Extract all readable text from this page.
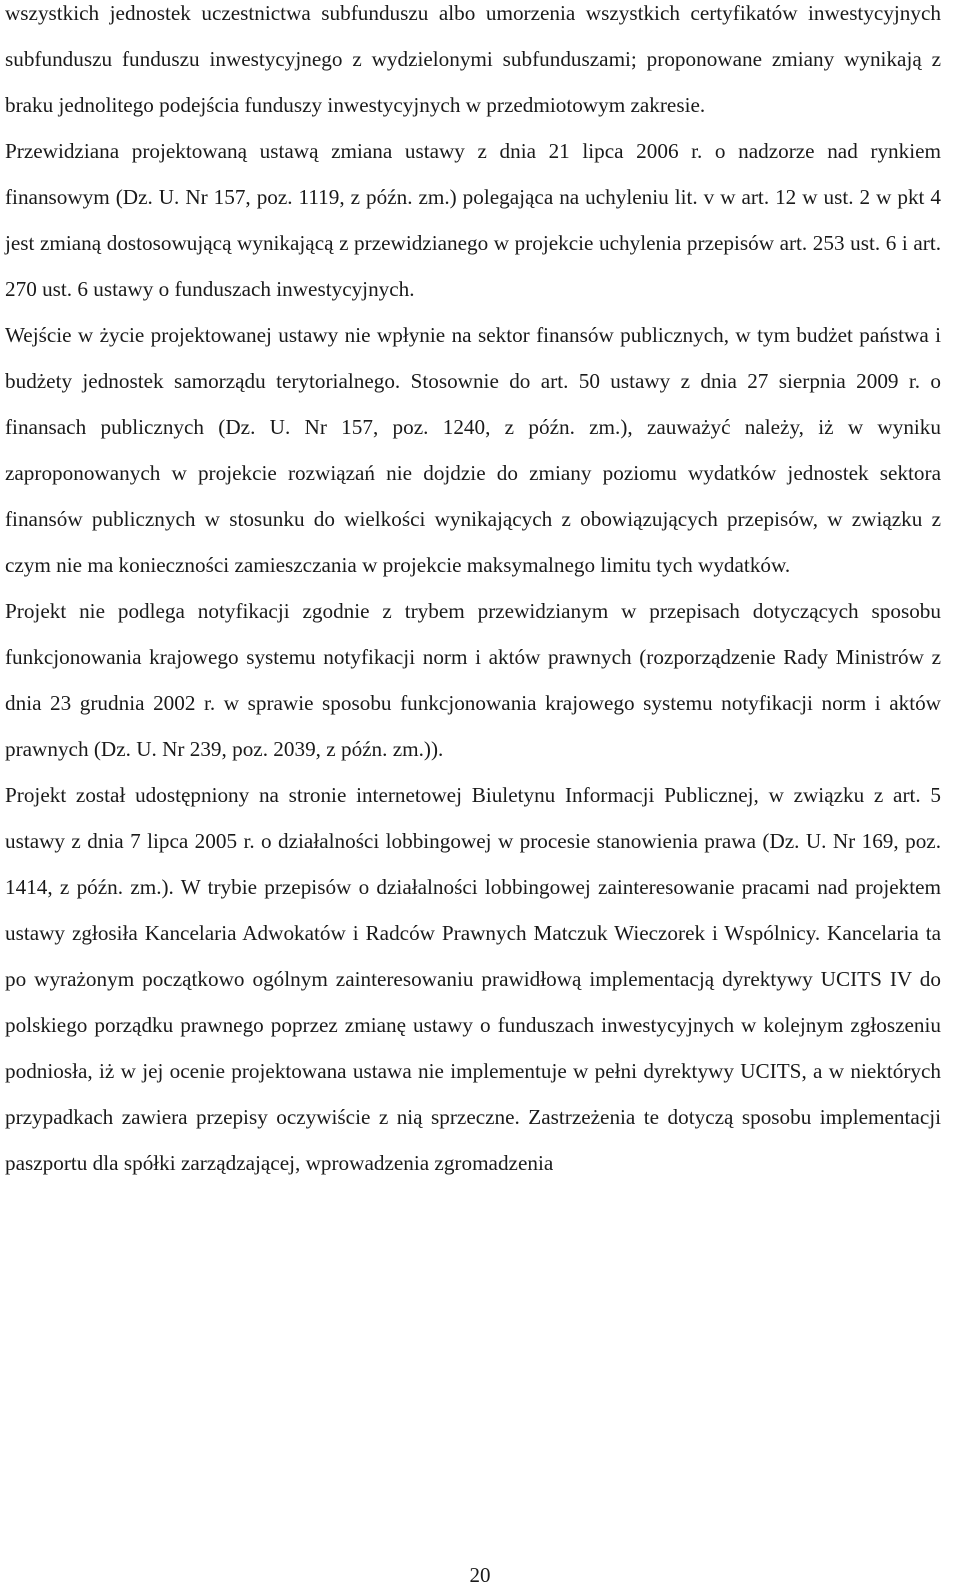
wszystkich jednostek uczestnictwa subfunduszu albo umorzenia wszystkich certyfikatów inwestycyjnych subfunduszu funduszu inwestycyjnego z wydzielonymi subfunduszami; proponowane zmiany wynikają z braku jednolitego podejścia funduszy inwestycyjnych w przedmiotowym zakresie.

Przewidziana projektowaną ustawą zmiana ustawy z dnia 21 lipca 2006 r. o nadzorze nad rynkiem finansowym (Dz. U. Nr 157, poz. 1119, z późn. zm.) polegająca na uchyleniu lit. v w art. 12 w ust. 2 w pkt 4 jest zmianą dostosowującą wynikającą z przewidzianego w projekcie uchylenia przepisów art. 253 ust. 6 i art. 270 ust. 6 ustawy o funduszach inwestycyjnych.

Wejście w życie projektowanej ustawy nie wpłynie na sektor finansów publicznych, w tym budżet państwa i budżety jednostek samorządu terytorialnego. Stosownie do art. 50 ustawy z dnia 27 sierpnia 2009 r. o finansach publicznych (Dz. U. Nr 157, poz. 1240, z późn. zm.), zauważyć należy, iż w wyniku zaproponowanych w projekcie rozwiązań nie dojdzie do zmiany poziomu wydatków jednostek sektora finansów publicznych w stosunku do wielkości wynikających z obowiązujących przepisów, w związku z czym nie ma konieczności zamieszczania w projekcie maksymalnego limitu tych wydatków.

Projekt nie podlega notyfikacji zgodnie z trybem przewidzianym w przepisach dotyczących sposobu funkcjonowania krajowego systemu notyfikacji norm i aktów prawnych (rozporządzenie Rady Ministrów z dnia 23 grudnia 2002 r. w sprawie sposobu funkcjonowania krajowego systemu notyfikacji norm i aktów prawnych (Dz. U. Nr 239, poz. 2039, z późn. zm.)).

Projekt został udostępniony na stronie internetowej Biuletynu Informacji Publicznej, w związku z art. 5 ustawy z dnia 7 lipca 2005 r. o działalności lobbingowej w procesie stanowienia prawa (Dz. U. Nr 169, poz. 1414, z późn. zm.). W trybie przepisów o działalności lobbingowej zainteresowanie pracami nad projektem ustawy zgłosiła Kancelaria Adwokatów i Radców Prawnych Matczuk Wieczorek i Wspólnicy. Kancelaria ta po wyrażonym początkowo ogólnym zainteresowaniu prawidłową implementacją dyrektywy UCITS IV do polskiego porządku prawnego poprzez zmianę ustawy o funduszach inwestycyjnych w kolejnym zgłoszeniu podniosła, iż w jej ocenie projektowana ustawa nie implementuje w pełni dyrektywy UCITS, a w niektórych przypadkach zawiera przepisy oczywiście z nią sprzeczne. Zastrzeżenia te dotyczą sposobu implementacji paszportu dla spółki zarządzającej, wprowadzenia zgromadzenia

20
